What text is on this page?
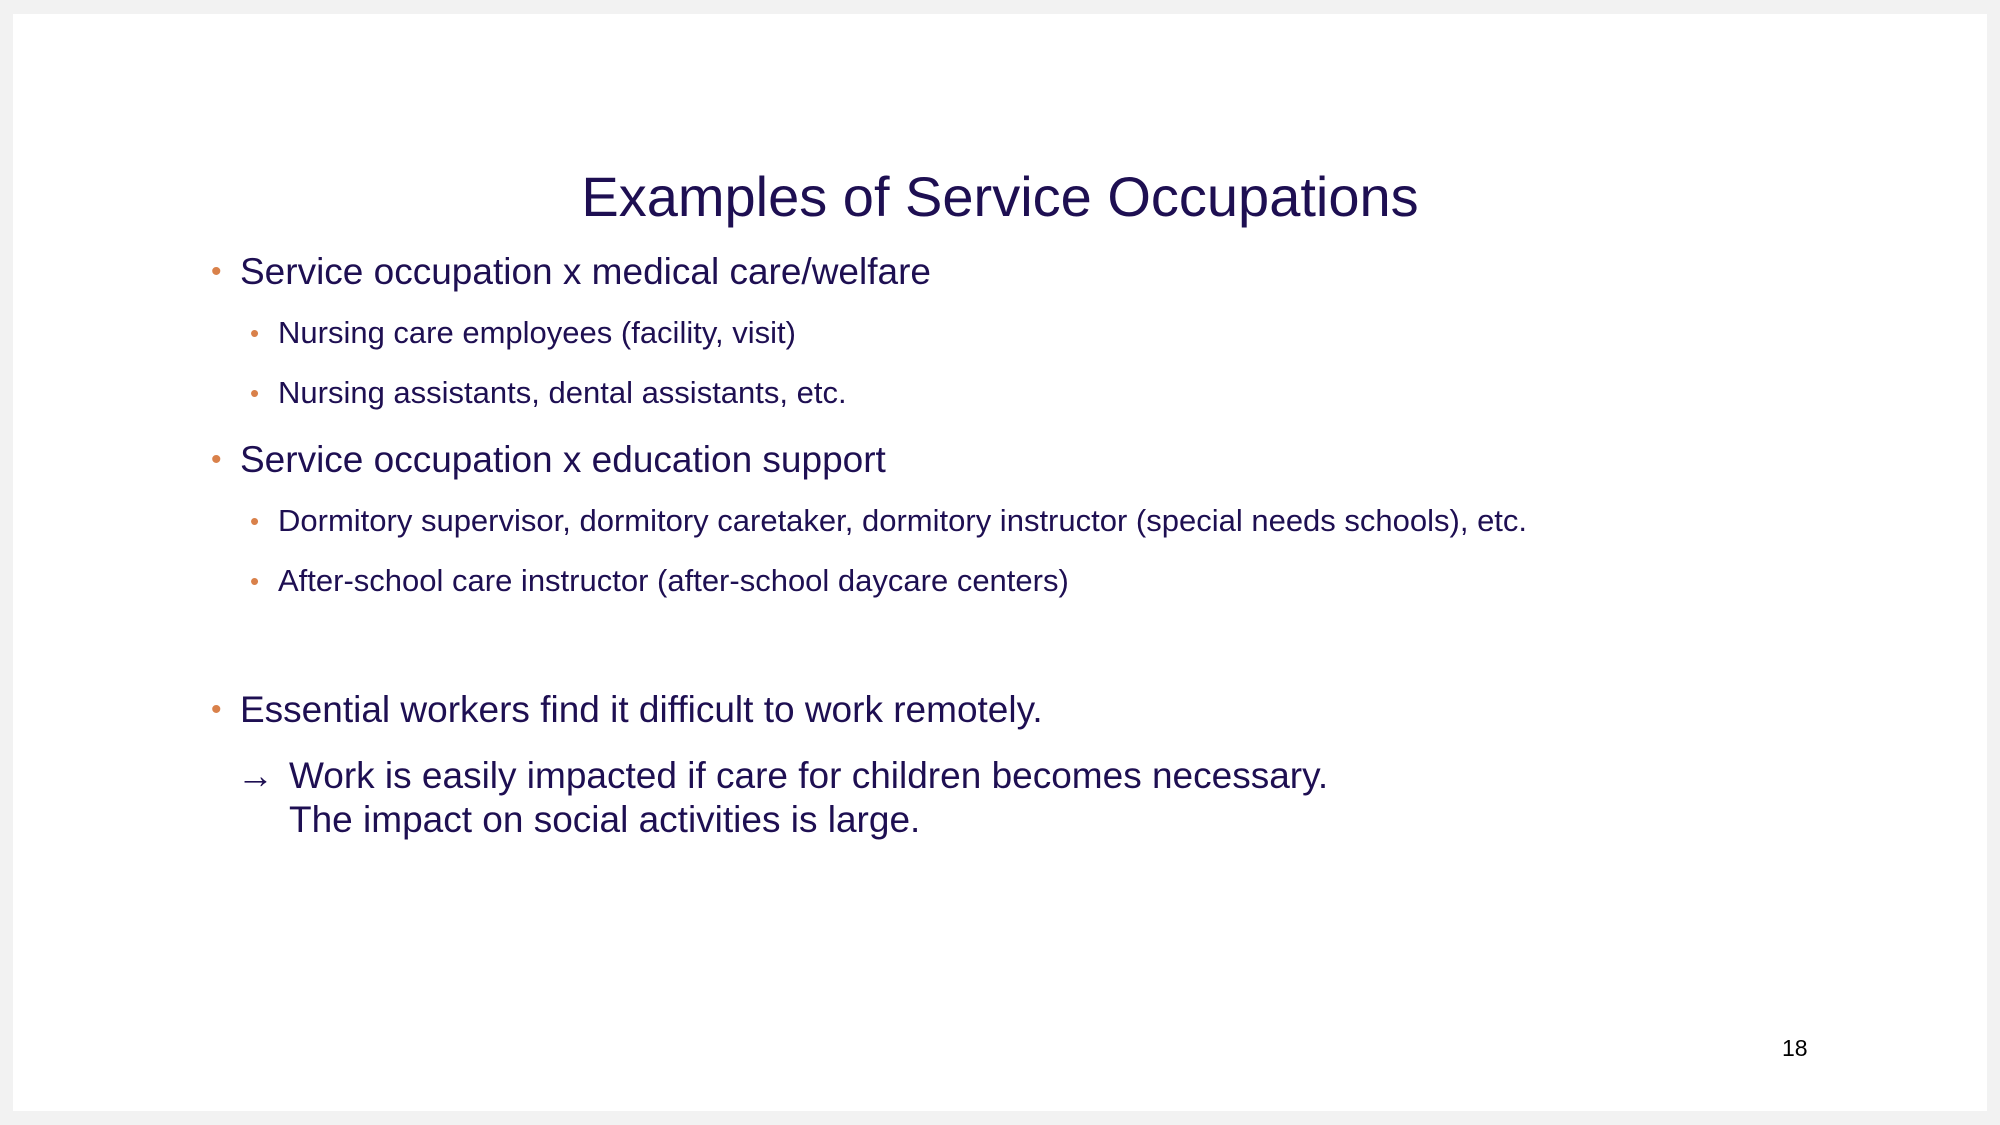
Examples of Service Occupations
• Service occupation x medical care/welfare
• Nursing care employees (facility, visit)
• Nursing assistants, dental assistants, etc.
• Service occupation x education support
• Dormitory supervisor, dormitory caretaker, dormitory instructor (special needs schools), etc.
• After-school care instructor (after-school daycare centers)
• Essential workers find it difficult to work remotely.
→ Work is easily impacted if care for children becomes necessary.
The impact on social activities is large.
18
